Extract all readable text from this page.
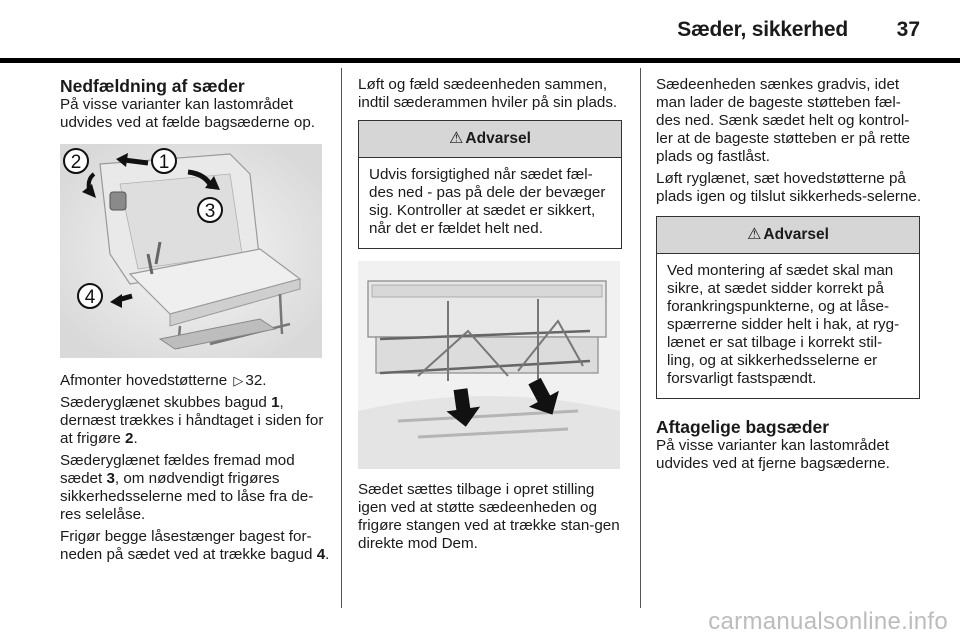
Sæder, sikkerhed 37
Nedfældning af sæder

På visse varianter kan lastområdet udvides ved at fælde bagsæderne op.

1
2
3
4

Afmonter hovedstøtterne ▷ 32.

Sæderyglænet skubbes bagud 1, dernæst trækkes i håndtaget i siden for at frigøre 2.

Sæderyglænet fældes fremad mod sædet 3, om nødvendigt frigøres sikkerhedsselerne med to låse fra de-res selelåse.

Frigør begge låsestænger bagest for-neden på sædet ved at trække bagud 4.

Løft og fæld sædeenheden sammen, indtil sæderammen hviler på sin plads.

⚠ Advarsel
Udvis forsigtighed når sædet fæl-des ned - pas på dele der bevæger sig. Kontroller at sædet er sikkert, når det er fældet helt ned.

Sædet sættes tilbage i opret stilling igen ved at støtte sædeenheden og frigøre stangen ved at trække stan-gen direkte mod Dem.

Sædeenheden sænkes gradvis, idet man lader de bageste støtteben fæl-des ned. Sænk sædet helt og kontrol-ler at de bageste støtteben er på rette plads og fastlåst.

Løft ryglænet, sæt hovedstøtterne på plads igen og tilslut sikkerheds-selerne.

⚠ Advarsel
Ved montering af sædet skal man sikre, at sædet sidder korrekt på forankringspunkterne, og at låse-spærrerne sidder helt i hak, at ryg-lænet er sat tilbage i korrekt stil-ling, og at sikkerhedsselerne er forsvarligt fastspændt.
Aftagelige bagsæder

På visse varianter kan lastområdet udvides ved at fjerne bagsæderne.

carmanualsonline.info
